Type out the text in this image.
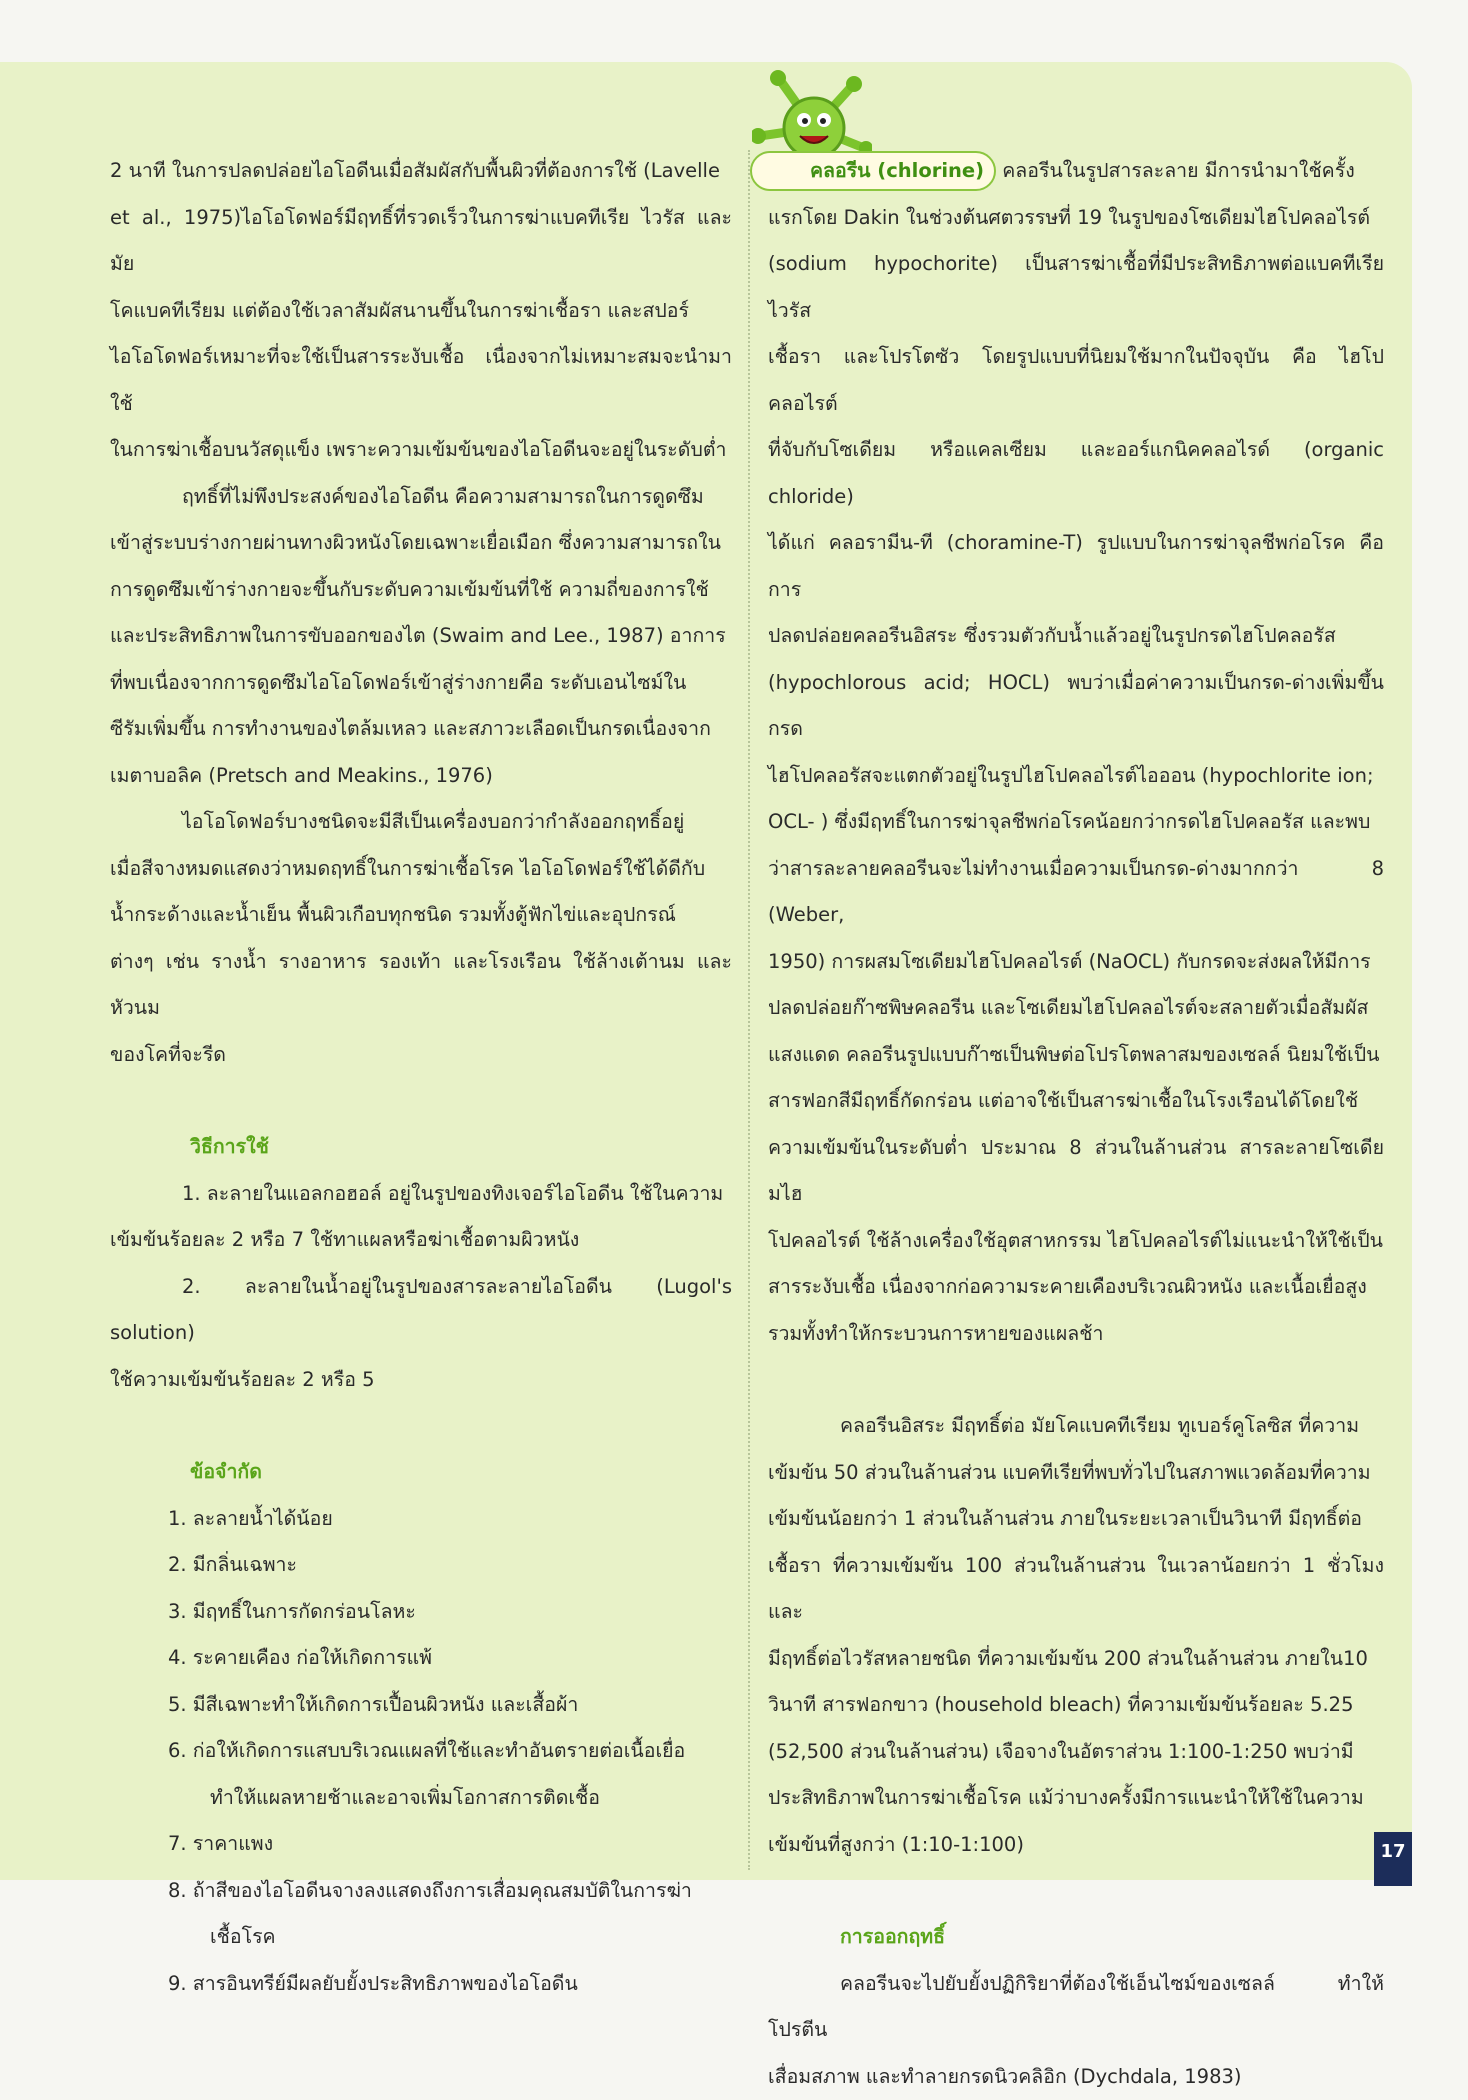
2 นาที ในการปลดปล่อยไอโอดีนเมื่อสัมผัสกับพื้นผิวที่ต้องการใช้ (Lavelle

et al., 1975)ไอโอโดฟอร์มีฤทธิ์ที่รวดเร็วในการฆ่าแบคทีเรีย ไวรัส และมัย

โคแบคทีเรียม แต่ต้องใช้เวลาสัมผัสนานขึ้นในการฆ่าเชื้อรา และสปอร์

ไอโอโดฟอร์เหมาะที่จะใช้เป็นสารระงับเชื้อ เนื่องจากไม่เหมาะสมจะนำมาใช้

ในการฆ่าเชื้อบนวัสดุแข็ง เพราะความเข้มข้นของไอโอดีนจะอยู่ในระดับต่ำ

ฤทธิ์ที่ไม่พึงประสงค์ของไอโอดีน คือความสามารถในการดูดซึม

เข้าสู่ระบบร่างกายผ่านทางผิวหนังโดยเฉพาะเยื่อเมือก ซึ่งความสามารถใน

การดูดซึมเข้าร่างกายจะขึ้นกับระดับความเข้มข้นที่ใช้ ความถี่ของการใช้

และประสิทธิภาพในการขับออกของไต (Swaim and Lee., 1987) อาการ

ที่พบเนื่องจากการดูดซึมไอโอโดฟอร์เข้าสู่ร่างกายคือ ระดับเอนไซม์ใน

ซีรัมเพิ่มขึ้น การทำงานของไตล้มเหลว และสภาวะเลือดเป็นกรดเนื่องจาก

เมตาบอลิค (Pretsch and Meakins., 1976)

ไอโอโดฟอร์บางชนิดจะมีสีเป็นเครื่องบอกว่ากำลังออกฤทธิ์อยู่

เมื่อสีจางหมดแสดงว่าหมดฤทธิ์ในการฆ่าเชื้อโรค ไอโอโดฟอร์ใช้ได้ดีกับ

น้ำกระด้างและน้ำเย็น พื้นผิวเกือบทุกชนิด รวมทั้งตู้ฟักไข่และอุปกรณ์

ต่างๆ เช่น รางน้ำ รางอาหาร รองเท้า และโรงเรือน ใช้ล้างเต้านม และหัวนม

ของโคที่จะรีด

วิธีการใช้

1. ละลายในแอลกอฮอล์ อยู่ในรูปของทิงเจอร์ไอโอดีน ใช้ในความ

เข้มข้นร้อยละ 2 หรือ 7 ใช้ทาแผลหรือฆ่าเชื้อตามผิวหนัง

2. ละลายในน้ำอยู่ในรูปของสารละลายไอโอดีน (Lugol's solution)

ใช้ความเข้มข้นร้อยละ 2 หรือ 5

ข้อจำกัด

1. ละลายน้ำได้น้อย

2. มีกลิ่นเฉพาะ

3. มีฤทธิ์ในการกัดกร่อนโลหะ

4. ระคายเคือง ก่อให้เกิดการแพ้

5. มีสีเฉพาะทำให้เกิดการเปื้อนผิวหนัง และเสื้อผ้า

6. ก่อให้เกิดการแสบบริเวณแผลที่ใช้และทำอันตรายต่อเนื้อเยื่อ

ทำให้แผลหายช้าและอาจเพิ่มโอกาสการติดเชื้อ

7. ราคาแพง

8. ถ้าสีของไอโอดีนจางลงแสดงถึงการเสื่อมคุณสมบัติในการฆ่า

เชื้อโรค

9. สารอินทรีย์มีผลยับยั้งประสิทธิภาพของไอโอดีน

คลอรีน (chlorine) คลอรีนในรูปสารละลาย มีการนำมาใช้ครั้ง

แรกโดย Dakin ในช่วงต้นศตวรรษที่ 19 ในรูปของโซเดียมไฮโปคลอไรต์

(sodium hypochorite) เป็นสารฆ่าเชื้อที่มีประสิทธิภาพต่อแบคทีเรีย ไวรัส

เชื้อรา และโปรโตซัว โดยรูปแบบที่นิยมใช้มากในปัจจุบัน คือ ไฮโปคลอไรต์

ที่จับกับโซเดียม หรือแคลเซียม และออร์แกนิคคลอไรด์ (organic chloride)

ได้แก่ คลอรามีน-ที (choramine-T) รูปแบบในการฆ่าจุลชีพก่อโรค คือ การ

ปลดปล่อยคลอรีนอิสระ ซึ่งรวมตัวกับน้ำแล้วอยู่ในรูปกรดไฮโปคลอรัส

(hypochlorous acid; HOCL) พบว่าเมื่อค่าความเป็นกรด-ด่างเพิ่มขึ้น กรด

ไฮโปคลอรัสจะแตกตัวอยู่ในรูปไฮโปคลอไรต์ไอออน (hypochlorite ion;

OCL- ) ซึ่งมีฤทธิ์ในการฆ่าจุลชีพก่อโรคน้อยกว่ากรดไฮโปคลอรัส และพบ

ว่าสารละลายคลอรีนจะไม่ทำงานเมื่อความเป็นกรด-ด่างมากกว่า 8 (Weber,

1950) การผสมโซเดียมไฮโปคลอไรต์ (NaOCL) กับกรดจะส่งผลให้มีการ

ปลดปล่อยก๊าซพิษคลอรีน และโซเดียมไฮโปคลอไรต์จะสลายตัวเมื่อสัมผัส

แสงแดด คลอรีนรูปแบบก๊าซเป็นพิษต่อโปรโตพลาสมของเซลล์ นิยมใช้เป็น

สารฟอกสีมีฤทธิ์กัดกร่อน แต่อาจใช้เป็นสารฆ่าเชื้อในโรงเรือนได้โดยใช้

ความเข้มข้นในระดับต่ำ ประมาณ 8 ส่วนในล้านส่วน สารละลายโซเดียมไฮ

โปคลอไรต์ ใช้ล้างเครื่องใช้อุตสาหกรรม ไฮโปคลอไรต์ไม่แนะนำให้ใช้เป็น

สารระงับเชื้อ เนื่องจากก่อความระคายเคืองบริเวณผิวหนัง และเนื้อเยื่อสูง

รวมทั้งทำให้กระบวนการหายของแผลช้า

คลอรีนอิสระ มีฤทธิ์ต่อ มัยโคแบคทีเรียม ทูเบอร์คูโลซิส ที่ความ

เข้มข้น 50 ส่วนในล้านส่วน แบคทีเรียที่พบทั่วไปในสภาพแวดล้อมที่ความ

เข้มข้นน้อยกว่า 1 ส่วนในล้านส่วน ภายในระยะเวลาเป็นวินาที มีฤทธิ์ต่อ

เชื้อรา ที่ความเข้มข้น 100 ส่วนในล้านส่วน ในเวลาน้อยกว่า 1 ชั่วโมง และ

มีฤทธิ์ต่อไวรัสหลายชนิด ที่ความเข้มข้น 200 ส่วนในล้านส่วน ภายใน10

วินาที สารฟอกขาว (household bleach) ที่ความเข้มข้นร้อยละ 5.25

(52,500 ส่วนในล้านส่วน) เจือจางในอัตราส่วน 1:100-1:250 พบว่ามี

ประสิทธิภาพในการฆ่าเชื้อโรค แม้ว่าบางครั้งมีการแนะนำให้ใช้ในความ

เข้มข้นที่สูงกว่า (1:10-1:100)

การออกฤทธิ์

คลอรีนจะไปยับยั้งปฏิกิริยาที่ต้องใช้เอ็นไซม์ของเซลล์ ทำให้โปรตีน

เสื่อมสภาพ และทำลายกรดนิวคลิอิก (Dychdala, 1983)

17
